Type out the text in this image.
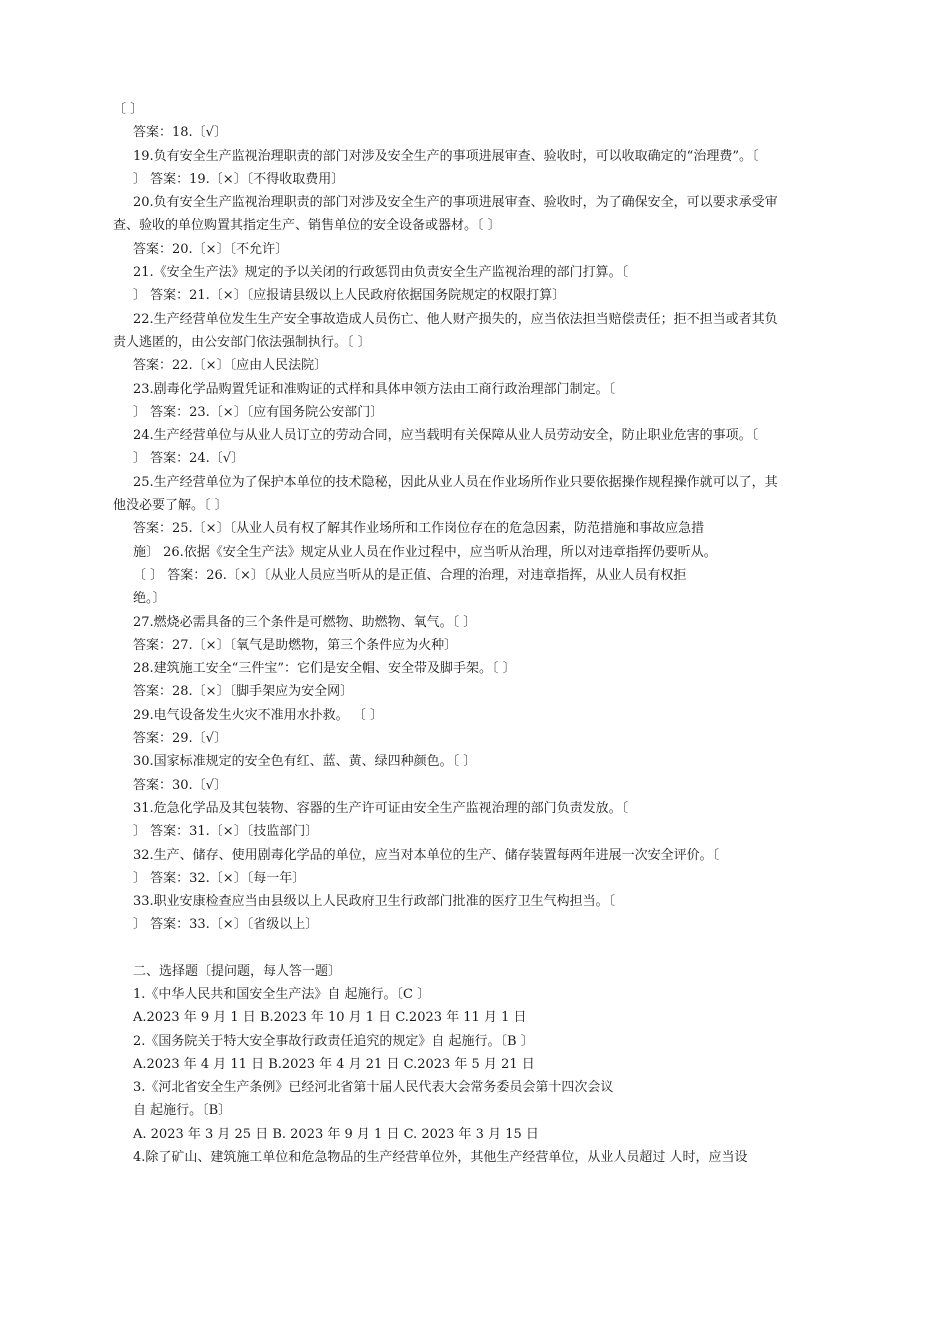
〔 〕
答案：18.〔√〕
19.负有安全生产监视治理职责的部门对涉及安全生产的事项进展审查、验收时，可以收取确定的“治理费”。〔
〕 答案：19.〔×〕〔不得收取费用〕
20.负有安全生产监视治理职责的部门对涉及安全生产的事项进展审查、验收时，为了确保安全，可以要求承受审
查、验收的单位购置其指定生产、销售单位的安全设备或器材。〔 〕
答案：20.〔×〕〔不允许〕
21.《安全生产法》规定的予以关闭的行政惩罚由负责安全生产监视治理的部门打算。〔
〕 答案：21.〔×〕〔应报请县级以上人民政府依据国务院规定的权限打算〕
22.生产经营单位发生生产安全事故造成人员伤亡、他人财产损失的，应当依法担当赔偿责任；拒不担当或者其负
责人逃匿的，由公安部门依法强制执行。〔 〕
答案：22.〔×〕〔应由人民法院〕
23.剧毒化学品购置凭证和准购证的式样和具体申领方法由工商行政治理部门制定。〔
〕 答案：23.〔×〕〔应有国务院公安部门〕
24.生产经营单位与从业人员订立的劳动合同，应当载明有关保障从业人员劳动安全，防止职业危害的事项。〔
〕 答案：24.〔√〕
25.生产经营单位为了保护本单位的技术隐秘，因此从业人员在作业场所作业只要依据操作规程操作就可以了，其
他没必要了解。〔 〕
答案：25.〔×〕〔从业人员有权了解其作业场所和工作岗位存在的危急因素，防范措施和事故应急措
施〕 26.依据《安全生产法》规定从业人员在作业过程中，应当听从治理，所以对违章指挥仍要听从。
〔 〕 答案：26.〔×〕〔从业人员应当听从的是正值、合理的治理，对违章指挥，从业人员有权拒
绝。〕
27.燃烧必需具备的三个条件是可燃物、助燃物、氧气。〔 〕
答案：27.〔×〕〔氧气是助燃物，第三个条件应为火种〕
28.建筑施工安全“三件宝”：它们是安全帽、安全带及脚手架。〔 〕
答案：28.〔×〕〔脚手架应为安全网〕
29.电气设备发生火灾不准用水扑救。 〔 〕
答案：29.〔√〕
30.国家标准规定的安全色有红、蓝、黄、绿四种颜色。〔 〕
答案：30.〔√〕
31.危急化学品及其包装物、容器的生产许可证由安全生产监视治理的部门负责发放。〔
〕 答案：31.〔×〕〔技监部门〕
32.生产、储存、使用剧毒化学品的单位，应当对本单位的生产、储存装置每两年进展一次安全评价。〔
〕 答案：32.〔×〕〔每一年〕
33.职业安康检查应当由县级以上人民政府卫生行政部门批准的医疗卫生气构担当。〔
〕 答案：33.〔×〕〔省级以上〕
二、选择题〔提问题，每人答一题〕
1.《中华人民共和国安全生产法》自 起施行。〔C 〕
A.2023 年 9 月 1 日 B.2023 年 10 月 1 日 C.2023 年 11 月 1 日
2.《国务院关于特大安全事故行政责任追究的规定》自 起施行。〔B 〕
A.2023 年 4 月 11 日 B.2023 年 4 月 21 日 C.2023 年 5 月 21 日
3.《河北省安全生产条例》已经河北省第十届人民代表大会常务委员会第十四次会议
自 起施行。〔B〕
A. 2023 年 3 月 25 日 B. 2023 年 9 月 1 日 C. 2023 年 3 月 15 日
4.除了矿山、建筑施工单位和危急物品的生产经营单位外，其他生产经营单位，从业人员超过 人时，应当设
